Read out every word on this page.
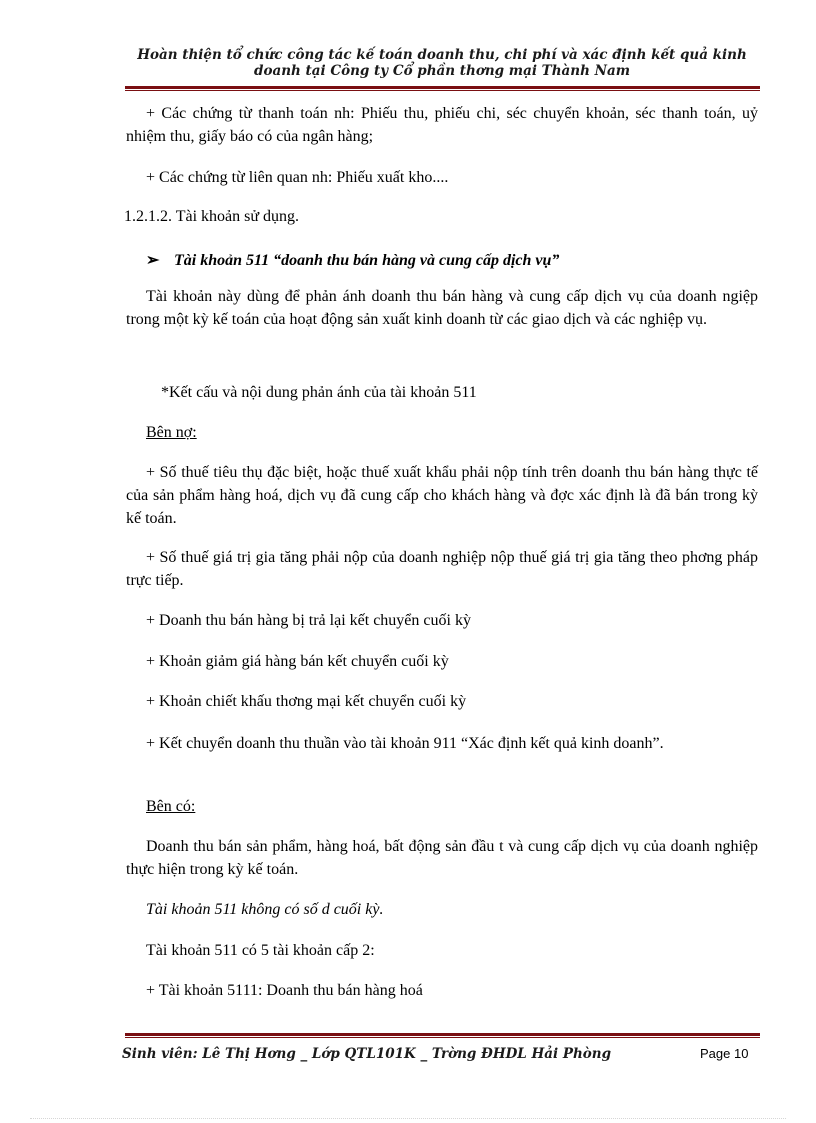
Hoàn thiện tổ chức công tác kế toán doanh thu, chi phí và xác định kết quả kinh
doanh tại Công ty Cổ phần thơng mại Thành Nam
+ Các chứng từ thanh toán nh: Phiếu thu, phiếu chi, séc chuyển khoản, séc thanh toán, uỷ nhiệm thu, giấy báo có của ngân hàng;
+ Các chứng từ liên quan nh: Phiếu xuất kho....
1.2.1.2. Tài khoản sử dụng.
➢ Tài khoản 511 “doanh thu bán hàng và cung cấp dịch vụ”
Tài khoản này dùng để phản ánh doanh thu bán hàng và cung cấp dịch vụ của doanh ngiệp trong một kỳ kế toán của hoạt động sản xuất kinh doanh từ các giao dịch và các nghiệp vụ.
*Kết cấu và nội dung phản ánh của tài khoản 511
Bên nợ:
+ Số thuế tiêu thụ đặc biệt, hoặc thuế xuất khẩu phải nộp tính trên doanh thu bán hàng thực tế của sản phẩm hàng hoá, dịch vụ đã cung cấp cho khách hàng và đợc xác định là đã bán trong kỳ kế toán.
+ Số thuế giá trị gia tăng phải nộp của doanh nghiệp nộp thuế giá trị gia tăng theo phơng pháp trực tiếp.
+ Doanh thu bán hàng bị trả lại kết chuyển cuối kỳ
+ Khoản giảm giá hàng bán kết chuyển cuối kỳ
+ Khoản chiết khấu thơng mại kết chuyển cuối kỳ
+ Kết chuyển doanh thu thuần vào tài khoản 911 “Xác định kết quả kinh doanh”.
Bên có:
Doanh thu bán sản phẩm, hàng hoá, bất động sản đầu t và cung cấp dịch vụ của doanh nghiệp thực hiện trong kỳ kế toán.
Tài khoản 511 không có số d cuối kỳ.
Tài khoản 511 có 5 tài khoản cấp 2:
+ Tài khoản 5111: Doanh thu bán hàng hoá
Sinh viên: Lê Thị Hơng _ Lớp QTL101K _ Trờng ĐHDL Hải Phòng	Page 10
